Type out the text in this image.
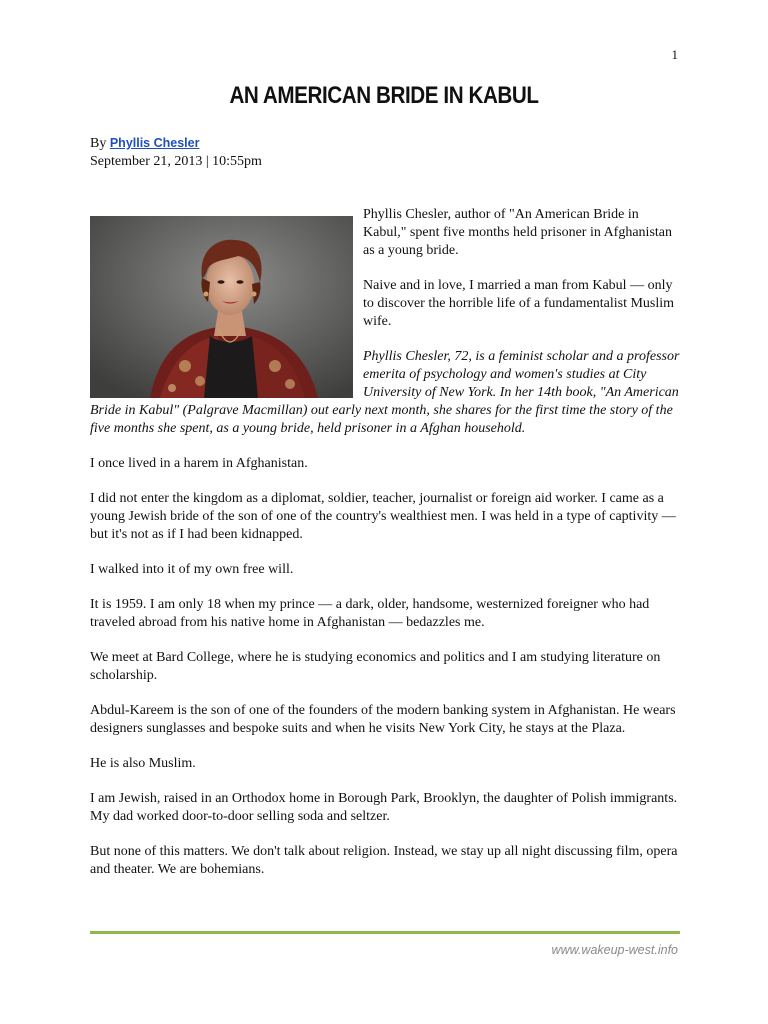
1
AN AMERICAN BRIDE IN KABUL
By Phyllis Chesler
September 21, 2013 | 10:55pm

Phyllis Chesler, author of "An American Bride in Kabul," spent five months held prisoner in Afghanistan as a young bride.

Naive and in love, I married a man from Kabul — only to discover the horrible life of a fundamentalist Muslim wife.

Phyllis Chesler, 72, is a feminist scholar and a professor emerita of psychology and women's studies at City University of New York. In her 14th book, "An American Bride in Kabul" (Palgrave Macmillan) out early next month, she shares for the first time the story of the five months she spent, as a young bride, held prisoner in a Afghan household.

I once lived in a harem in Afghanistan.

I did not enter the kingdom as a diplomat, soldier, teacher, journalist or foreign aid worker. I came as a young Jewish bride of the son of one of the country's wealthiest men. I was held in a type of captivity — but it's not as if I had been kidnapped.

I walked into it of my own free will.

It is 1959. I am only 18 when my prince — a dark, older, handsome, westernized foreigner who had traveled abroad from his native home in Afghanistan — bedazzles me.

We meet at Bard College, where he is studying economics and politics and I am studying literature on scholarship.

Abdul-Kareem is the son of one of the founders of the modern banking system in Afghanistan. He wears designers sunglasses and bespoke suits and when he visits New York City, he stays at the Plaza.

He is also Muslim.

I am Jewish, raised in an Orthodox home in Borough Park, Brooklyn, the daughter of Polish immigrants. My dad worked door-to-door selling soda and seltzer.

But none of this matters. We don't talk about religion. Instead, we stay up all night discussing film, opera and theater. We are bohemians.

www.wakeup-west.info
